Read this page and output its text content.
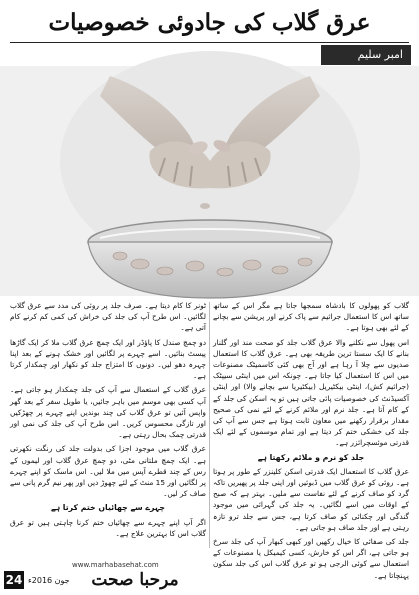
عرق گلاب کی جادوئی خصوصیات
امبر سلیم

گلاب کو پھولوں کا بادشاہ سمجھا جاتا ہے مگر اس کے ساتھ ساتھ اس کا استعمال جراثیم سے پاک کرنے اور پریشن سے بچانے کے لئے بھی ہوتا ہے۔

اس پھول سے نکلنے والا عرق گلاب جلد کو صحت مند اور گلنار بنانے کا ایک سستا ترین طریقہ بھی ہے۔ عرق گلاب کا استعمال صدیوں سے چلا آ رہا ہے اور آج بھی کئی کاسمیٹک مصنوعات میں اس کا استعمال کیا جاتا ہے۔ چونکہ اس میں اینٹی سیپٹک (جراثیم کش)، اینٹی بیکٹیریل (بیکٹیریا سے بچانے والا) اور اینٹی آکسیڈنٹ کی خصوصیات پائی جاتی ہیں تو یہ اسکن کی جلد کے کے کام آتا ہے۔ جلد نرم اور ملائم کرنے کے لئے نمی کی صحیح مقدار برقرار رکھنے میں معاون ثابت ہوتا ہے جس سے آپ کی جلد کی خشکی ختم کر دیتا ہے اور تمام موسموں کے لئے ایک قدرتی موئسچرائزر ہے۔

جلد کو نرم و ملائم رکھتا ہے

عرق گلاب کا استعمال ایک قدرتی اسکن کلینزر کے طور پر ہوتا ہے۔ روئی کو عرق گلاب میں ڈبوئیں اور اپنی جلد پر پھیریں تاکہ گرد کو صاف کرنے کے لئے نفاست سے ملیں۔ بہتر ہے کہ صبح کے اوقات میں اسے لگائیں۔ یہ جلد کی گہرائی میں موجود گندگی اور چکنائی کو صاف کرتا ہے، جس سے جلد ترو تازہ رہتی ہے اور جلد صاف ہو جاتی ہے۔

جلد کی صفائی کا خیال رکھیں اور کبھی کبھار آپ کی جلد سرخ ہو جاتی ہے، اگر اس کو خارش، کسی کیمیکل یا مصنوعات کے استعمال سے کوئی الرجی ہو تو عرق گلاب اس کی جلد سکون پہنچاتا ہے۔

ٹونر کا کام دیتا ہے۔ صرف جلد پر روئی کی مدد سے عرق گلاب لگائیں۔ اس طرح آپ کی جلد کی خراش کی کمی کم کرنے کام آتی ہے۔

دو چمچ صندل کا پاؤڈر اور ایک چمچ عرق گلاب ملا کر ایک گاڑھا پیسٹ بنائیں۔ اسے چہرے پر لگائیں اور خشک ہونے کے بعد اپنا چہرہ دھو لیں۔ دونوں کا امتزاج جلد کو نکھار اور چمکدار کرتا ہے۔

عرق گلاب کے استعمال سے آپ کی جلد چمکدار ہو جاتی ہے۔ آپ کسی بھی موسم میں باہر جائیں، یا طویل سفر کے بعد گھر واپس آئیں تو عرق گلاب کی چند بوندیں اپنے چہرے پر چھڑکیں اور تازگی محسوس کریں۔ اس طرح آپ کی جلد کی نمی اور قدرتی چمک بحال رہتی ہے۔

عرق گلاب میں موجود اجزا کی بدولت جلد کی رنگت نکھرتی ہے۔ ایک چمچ ملتانی مٹی، دو چمچ عرق گلاب اور لیموں کے رس کے چند قطرے آپس میں ملا لیں۔ اس ماسک کو اپنے چہرے پر لگائیں اور 15 منٹ کے لئے چھوڑ دیں اور پھر نیم گرم پانی سے صاف کر لیں۔

چہرے سے چھائیاں ختم کرتا ہے

اگر آپ اپنے چہرے سے چھائیاں ختم کرنا چاہتی ہیں تو عرق گلاب اس کا بہترین علاج ہے۔

www.marhabasehat.com
24 جون 2016ء	مرحبا صحت
